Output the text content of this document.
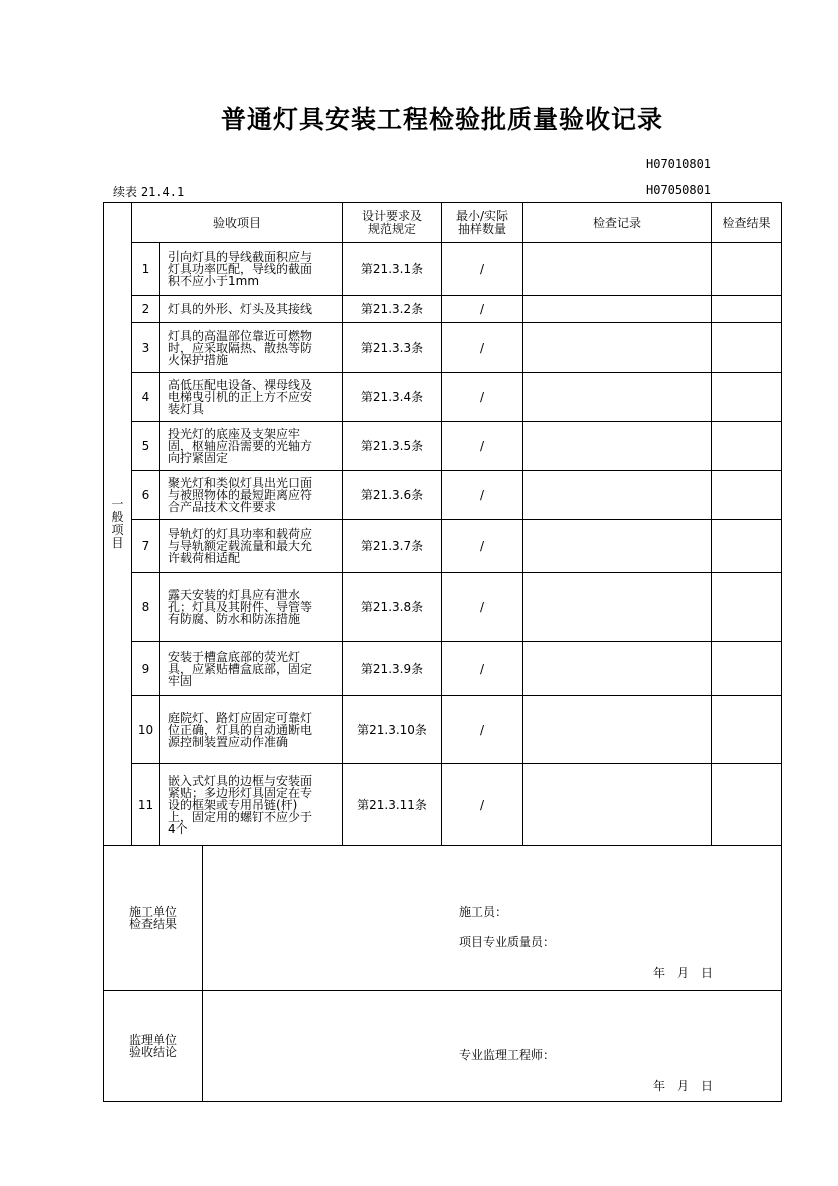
普通灯具安装工程检验批质量验收记录
H07010801
续表 21.4.1	H07050801
一般项目	验收项目		设计要求及规范规定	最小/实际抽样数量	检查记录	检查结果
	1	引向灯具的导线截面积应与灯具功率匹配，导线的截面积不应小于1mm	第21.3.1条	/		
	2	灯具的外形、灯头及其接线	第21.3.2条	/		
	3	灯具的高温部位靠近可燃物时，应采取隔热、散热等防火保护措施	第21.3.3条	/		
	4	高低压配电设备、裸母线及电梯曳引机的正上方不应安装灯具	第21.3.4条	/		
	5	投光灯的底座及支架应牢固，枢轴应沿需要的光轴方向拧紧固定	第21.3.5条	/		
	6	聚光灯和类似灯具出光口面与被照物体的最短距离应符合产品技术文件要求	第21.3.6条	/		
	7	导轨灯的灯具功率和载荷应与导轨额定载流量和最大允许载荷相适配	第21.3.7条	/		
	8	露天安装的灯具应有泄水孔；灯具及其附件、导管等有防腐、防水和防冻措施	第21.3.8条	/		
	9	安装于槽盒底部的荧光灯具，应紧贴槽盒底部，固定牢固	第21.3.9条	/		
	10	庭院灯、路灯应固定可靠灯位正确，灯具的自动通断电源控制装置应动作准确	第21.3.10条	/		
	11	嵌入式灯具的边框与安装面紧贴；多边形灯具固定在专设的框架或专用吊链(杆)上，固定用的螺钉不应少于4个	第21.3.11条	/		
施工单位检查结果	施工员：
项目专业质量员：
年　月　日

监理单位验收结论	专业监理工程师：
年　月　日
